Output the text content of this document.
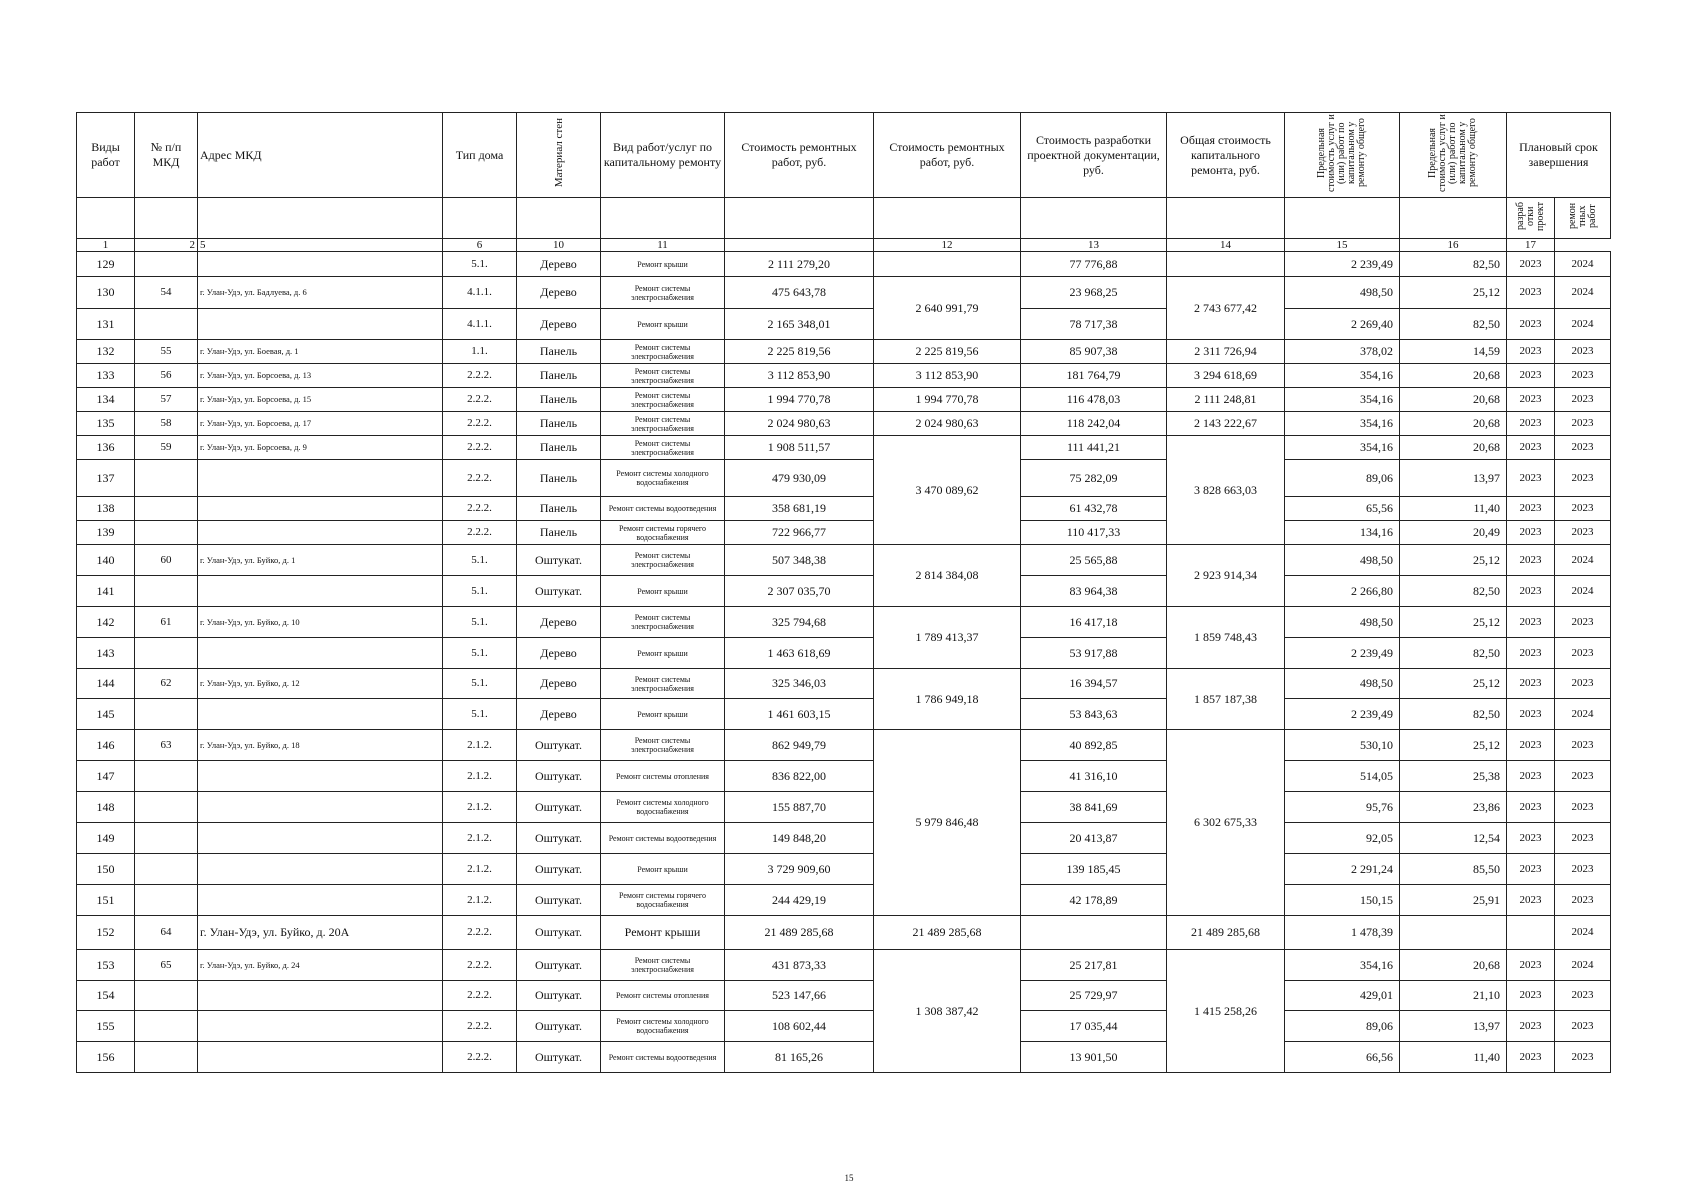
Виды работ	№ п/п МКД	Адрес МКД	Тип дома	Материал стен	Вид работ/услуг по капитальному ремонту	Стоимость ремонтных работ, руб.	Стоимость ремонтных работ, руб.	Стоимость разработки проектной документации, руб.	Общая стоимость капитального ремонта, руб.	Предельная стоимость услуг и (или) работ по капитальном у ремонту общего	Предельная стоимость услуг и (или) работ по капитальном у ремонту общего	Плановый срок завершения	
												разраб отки проект	ремон тных работ
1	2	5	6	10	11		12	13	14	15	16	17	
129			5.1.	Дерево	Ремонт крыши	2 111 279,20		77 776,88		2 239,49	82,50	2023	2024
130	54	г. Улан-Удэ, ул. Бадлуева, д. 6	4.1.1.	Дерево	Ремонт системы электроснабжения	475 643,78	2 640 991,79	23 968,25	2 743 677,42	498,50	25,12	2023	2024
131			4.1.1.	Дерево	Ремонт крыши	2 165 348,01		78 717,38		2 269,40	82,50	2023	2024
132	55	г. Улан-Удэ, ул. Боевая, д. 1	1.1.	Панель	Ремонт системы электроснабжения	2 225 819,56	2 225 819,56	85 907,38	2 311 726,94	378,02	14,59	2023	2023
133	56	г. Улан-Удэ, ул. Борсоева, д. 13	2.2.2.	Панель	Ремонт системы электроснабжения	3 112 853,90	3 112 853,90	181 764,79	3 294 618,69	354,16	20,68	2023	2023
134	57	г. Улан-Удэ, ул. Борсоева, д. 15	2.2.2.	Панель	Ремонт системы электроснабжения	1 994 770,78	1 994 770,78	116 478,03	2 111 248,81	354,16	20,68	2023	2023
135	58	г. Улан-Удэ, ул. Борсоева, д. 17	2.2.2.	Панель	Ремонт системы электроснабжения	2 024 980,63	2 024 980,63	118 242,04	2 143 222,67	354,16	20,68	2023	2023
136	59	г. Улан-Удэ, ул. Борсоева, д. 9	2.2.2.	Панель	Ремонт системы электроснабжения	1 908 511,57	3 470 089,62	111 441,21	3 828 663,03	354,16	20,68	2023	2023
137			2.2.2.	Панель	Ремонт системы холодного водоснабжения	479 930,09		75 282,09		89,06	13,97	2023	2023
138			2.2.2.	Панель	Ремонт системы водоотведения	358 681,19		61 432,78		65,56	11,40	2023	2023
139			2.2.2.	Панель	Ремонт системы горячего водоснабжения	722 966,77		110 417,33		134,16	20,49	2023	2023
140	60	г. Улан-Удэ, ул. Буйко, д. 1	5.1.	Оштукат.	Ремонт системы электроснабжения	507 348,38	2 814 384,08	25 565,88	2 923 914,34	498,50	25,12	2023	2024
141			5.1.	Оштукат.	Ремонт крыши	2 307 035,70		83 964,38		2 266,80	82,50	2023	2024
142	61	г. Улан-Удэ, ул. Буйко, д. 10	5.1.	Дерево	Ремонт системы электроснабжения	325 794,68	1 789 413,37	16 417,18	1 859 748,43	498,50	25,12	2023	2023
143			5.1.	Дерево	Ремонт крыши	1 463 618,69		53 917,88		2 239,49	82,50	2023	2023
144	62	г. Улан-Удэ, ул. Буйко, д. 12	5.1.	Дерево	Ремонт системы электроснабжения	325 346,03	1 786 949,18	16 394,57	1 857 187,38	498,50	25,12	2023	2023
145			5.1.	Дерево	Ремонт крыши	1 461 603,15		53 843,63		2 239,49	82,50	2023	2024
146	63	г. Улан-Удэ, ул. Буйко, д. 18	2.1.2.	Оштукат.	Ремонт системы электроснабжения	862 949,79	5 979 846,48	40 892,85	6 302 675,33	530,10	25,12	2023	2023
147			2.1.2.	Оштукат.	Ремонт системы отопления	836 822,00		41 316,10		514,05	25,38	2023	2023
148			2.1.2.	Оштукат.	Ремонт системы холодного водоснабжения	155 887,70		38 841,69		95,76	23,86	2023	2023
149			2.1.2.	Оштукат.	Ремонт системы водоотведения	149 848,20		20 413,87		92,05	12,54	2023	2023
150			2.1.2.	Оштукат.	Ремонт крыши	3 729 909,60		139 185,45		2 291,24	85,50	2023	2023
151			2.1.2.	Оштукат.	Ремонт системы горячего водоснабжения	244 429,19		42 178,89		150,15	25,91	2023	2023
152	64	г. Улан-Удэ, ул. Буйко, д. 20А	2.2.2.	Оштукат.	Ремонт крыши	21 489 285,68	21 489 285,68		21 489 285,68	1 478,39			2024
153	65	г. Улан-Удэ, ул. Буйко, д. 24	2.2.2.	Оштукат.	Ремонт системы электроснабжения	431 873,33	1 308 387,42	25 217,81	1 415 258,26	354,16	20,68	2023	2024
154			2.2.2.	Оштукат.	Ремонт системы отопления	523 147,66		25 729,97		429,01	21,10	2023	2023
155			2.2.2.	Оштукат.	Ремонт системы холодного водоснабжения	108 602,44		17 035,44		89,06	13,97	2023	2023
156			2.2.2.	Оштукат.	Ремонт системы водоотведения	81 165,26		13 901,50		66,56	11,40	2023	2023
15
